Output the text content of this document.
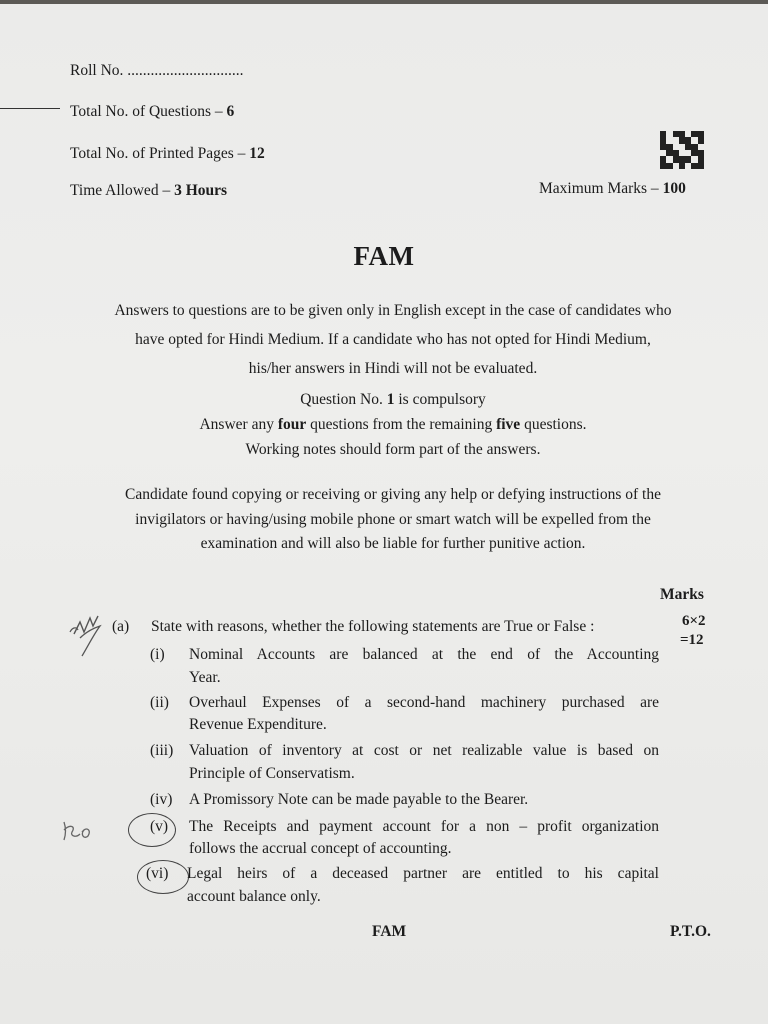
Roll No. ..............................
Total No. of Questions – 6
Total No. of Printed Pages – 12
Time Allowed – 3 Hours	Maximum Marks – 100
FAM
Answers to questions are to be given only in English except in the case of candidates who
have opted for Hindi Medium. If a candidate who has not opted for Hindi Medium,
his/her answers in Hindi will not be evaluated.
Question No. 1 is compulsory
Answer any four questions from the remaining five questions.
Working notes should form part of the answers.
Candidate found copying or receiving or giving any help or defying instructions of the
invigilators or having/using mobile phone or smart watch will be expelled from the
examination and will also be liable for further punitive action.
Marks
6×2
=12
(a) State with reasons, whether the following statements are True or False :
(i) Nominal Accounts are balanced at the end of the Accounting
Year.
(ii) Overhaul Expenses of a second-hand machinery purchased are
Revenue Expenditure.
(iii) Valuation of inventory at cost or net realizable value is based on
Principle of Conservatism.
(iv) A Promissory Note can be made payable to the Bearer.
(v) The Receipts and payment account for a non – profit organization
follows the accrual concept of accounting.
(vi) Legal heirs of a deceased partner are entitled to his capital
account balance only.
FAM	P.T.O.
